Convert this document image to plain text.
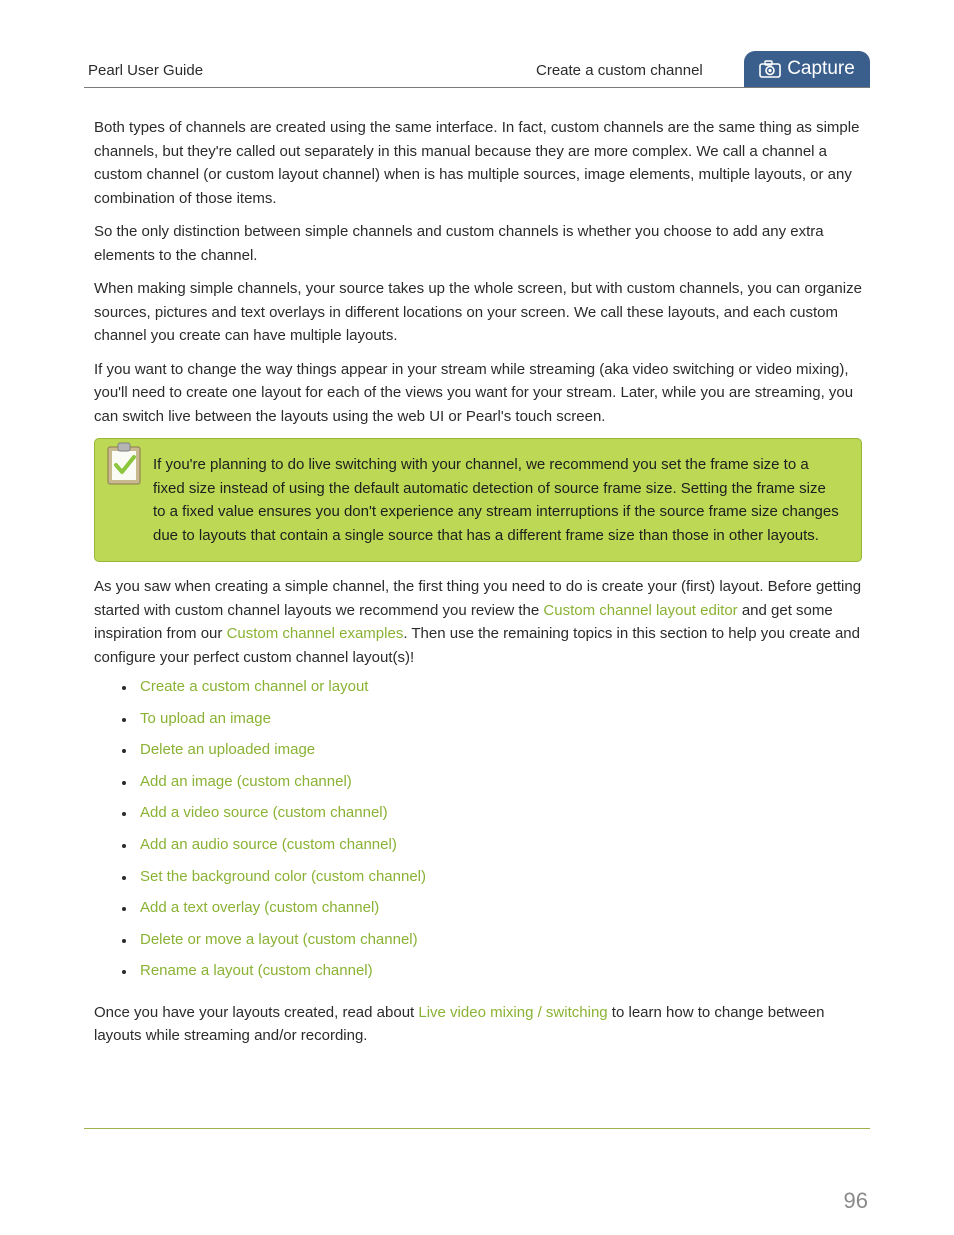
Pearl User Guide	Create a custom channel	Capture

Both types of channels are created using the same interface. In fact, custom channels are the same thing as simple channels, but they're called out separately in this manual because they are more complex. We call a channel a custom channel (or custom layout channel) when is has multiple sources, image elements, multiple layouts, or any combination of those items.

So the only distinction between simple channels and custom channels is whether you choose to add any extra elements to the channel.

When making simple channels, your source takes up the whole screen, but with custom channels, you can organize sources, pictures and text overlays in different locations on your screen. We call these layouts, and each custom channel you create can have multiple layouts.

If you want to change the way things appear in your stream while streaming (aka video switching or video mixing), you'll need to create one layout for each of the views you want for your stream. Later, while you are streaming, you can switch live between the layouts using the web UI or Pearl's touch screen.

If you're planning to do live switching with your channel, we recommend you set the frame size to a fixed size instead of using the default automatic detection of source frame size. Setting the frame size to a fixed value ensures you don't experience any stream interruptions if the source frame size changes due to layouts that contain a single source that has a different frame size than those in other layouts.

As you saw when creating a simple channel, the first thing you need to do is create your (first) layout. Before getting started with custom channel layouts we recommend you review the Custom channel layout editor and get some inspiration from our Custom channel examples. Then use the remaining topics in this section to help you create and configure your perfect custom channel layout(s)!

Create a custom channel or layout
To upload an image
Delete an uploaded image
Add an image (custom channel)
Add a video source (custom channel)
Add an audio source (custom channel)
Set the background color (custom channel)
Add a text overlay (custom channel)
Delete or move a layout (custom channel)
Rename a layout (custom channel)

Once you have your layouts created, read about Live video mixing / switching to learn how to change between layouts while streaming and/or recording.

96
